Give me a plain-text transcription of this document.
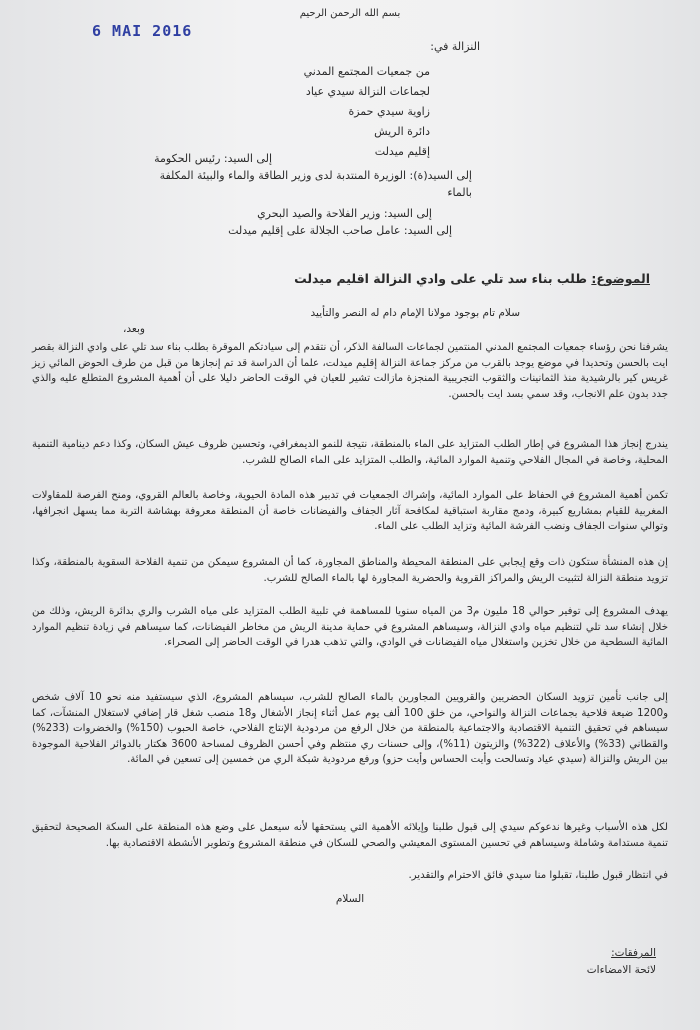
بسم الله الرحمن الرحيم
6 MAI 2016
النزالة في:

من جمعيات المجتمع المدني

لجماعات النزالة سيدي عياد

زاوية سيدي حمزة

دائرة الريش

إقليم ميدلت

إلى السيد: رئيس الحكومة

إلى السيد(ة): الوزيرة المنتدبة لدى وزير الطاقة والماء والبيئة المكلفة

بالماء

إلى السيد: وزير الفلاحة والصيد البحري

إلى السيد: عامل صاحب الجلالة على إقليم ميدلت

الموضوع: طلب بناء سد تلي على وادي النزالة اقليم ميدلت

سلام تام بوجود مولانا الإمام دام له النصر والتأييد

وبعد،

يشرفنا نحن رؤساء جمعيات المجتمع المدني المنتمين لجماعات السالفة الذكر، أن نتقدم إلى سيادتكم الموقرة بطلب بناء سد تلي على وادي النزالة بقصر ايت بالحسن وتحديدا في موضع يوجد بالقرب من مركز جماعة النزالة إقليم ميدلت، علما أن الدراسة قد تم إنجازها من قبل من طرف الحوض المائي زيز غريس كير بالرشيدية منذ الثمانينات والثقوب التجريبية المنجزة مازالت تشير للعيان في الوقت الحاضر دليلا على أن أهمية المشروع المتطلع عليه والذي جدد بدون علم الانجاب، وقد سمي بسد ايت بالحسن.
يندرج إنجاز هذا المشروع في إطار الطلب المتزايد على الماء بالمنطقة، نتيجة للنمو الديمغرافي، وتحسين ظروف عيش السكان، وكذا دعم دينامية التنمية المحلية، وخاصة في المجال الفلاحي وتنمية الموارد المائية، والطلب المتزايد على الماء الصالح للشرب.
تكمن أهمية المشروع في الحفاظ على الموارد المائية، وإشراك الجمعيات في تدبير هذه المادة الحيوية، وخاصة بالعالم القروي، ومنح الفرصة للمقاولات المغربية للقيام بمشاريع كبيرة، ودمج مقاربة استباقية لمكافحة آثار الجفاف والفيضانات خاصة أن المنطقة معروفة بهشاشة التربة مما يسهل انجرافها، وتوالي سنوات الجفاف ونضب الفرشة المائية وتزايد الطلب على الماء.
إن هذه المنشأة ستكون ذات وقع إيجابي على المنطقة المحيطة والمناطق المجاورة، كما أن المشروع سيمكن من تنمية الفلاحة السقوية بالمنطقة، وكذا تزويد منطقة النزالة لتثبيت الريش والمراكز القروية والحضرية المجاورة لها بالماء الصالح للشرب.
يهدف المشروع إلى توفير حوالي 18 مليون م3 من المياه سنويا للمساهمة في تلبية الطلب المتزايد على مياه الشرب والري بدائرة الريش، وذلك من خلال إنشاء سد تلي لتنظيم مياه وادي النزالة، وسيساهم المشروع في حماية مدينة الريش من مخاطر الفيضانات، كما سيساهم في زيادة تنظيم الموارد المائية السطحية من خلال تخزين واستغلال مياه الفيضانات في الوادي، والتي تذهب هدرا في الوقت الحاضر إلى الصحراء.
إلى جانب تأمين تزويد السكان الحضريين والقرويين المجاورين بالماء الصالح للشرب، سيساهم المشروع، الذي سيستفيد منه نحو 10 آلاف شخص و1200 ضيعة فلاحية بجماعات النزالة والنواحي، من خلق 100 ألف يوم عمل أثناء إنجاز الأشغال و18 منصب شغل قار إضافي لاستغلال المنشآت، كما سيساهم في تحقيق التنمية الاقتصادية والاجتماعية بالمنطقة من خلال الرفع من مردودية الإنتاج الفلاحي، خاصة الحبوب (150%) والخضروات (233%) والقطاني (33%) والأعلاف (322%) والزيتون (11%)، وإلى حسنات ري منتظم وفي أحسن الظروف لمساحة 3600 هكتار بالدوائر الفلاحية الموجودة بين الريش والنزالة (سيدي عياد وتسالحت وأيت الحساس وأيت حزو) ورفع مردودية شبكة الري من خمسين إلى تسعين في المائة.
لكل هذه الأسباب وغيرها ندعوكم سيدي إلى قبول طلبنا وإيلائه الأهمية التي يستحقها لأنه سيعمل على وضع هذه المنطقة على السكة الصحيحة لتحقيق تنمية مستدامة وشاملة وسيساهم في تحسين المستوى المعيشي والصحي للسكان في منطقة المشروع وتطوير الأنشطة الاقتصادية بها.
في انتظار قبول طلبنا، تقبلوا منا سيدي فائق الاحترام والتقدير.
السلام

المرفقات:

لائحة الامضاءات
